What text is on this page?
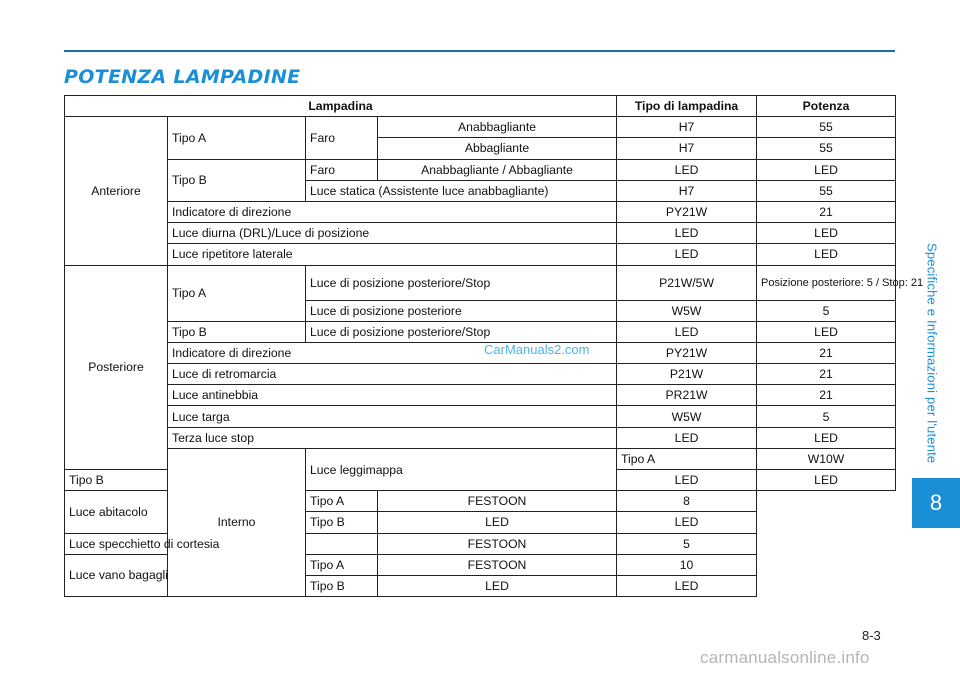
POTENZA LAMPADINE
Lampadina				Tipo di lampadina	Potenza	
Anteriore	Tipo A	Faro	Anabbagliante	H7	55	
			Abbagliante	H7	55	
	Tipo B	Faro	Anabbagliante / Abbagliante	LED	LED	
		Luce statica (Assistente luce anabbagliante)		H7	55	
	Indicatore di direzione			PY21W	21	
	Luce diurna (DRL)/Luce di posizione			LED	LED	
	Luce ripetitore laterale			LED	LED	
Posteriore	Tipo A	Luce di posizione posteriore/Stop		P21W/5W	Posizione posteriore: 5 / Stop: 21	
		Luce di posizione posteriore		W5W	5	
	Tipo B	Luce di posizione posteriore/Stop		LED	LED	
	Indicatore di direzione			PY21W	21	
	Luce di retromarcia			P21W	21	
	Luce antinebbia			PR21W	21	
	Luce targa			W5W	5	
	Terza luce stop			LED	LED	
	Interno	Luce leggimappa		Tipo A	W10W	
Tipo B				LED	LED	
Luce abitacolo		Tipo A	FESTOON	8		
		Tipo B	LED	LED		
Luce specchietto di cortesia			FESTOON	5		
Luce vano bagagli		Tipo A	FESTOON	10		
		Tipo B	LED	LED		
CarManuals2.com	Specifiche e Informazioni per l'utente
8
8-3
carmanualsonline.info
